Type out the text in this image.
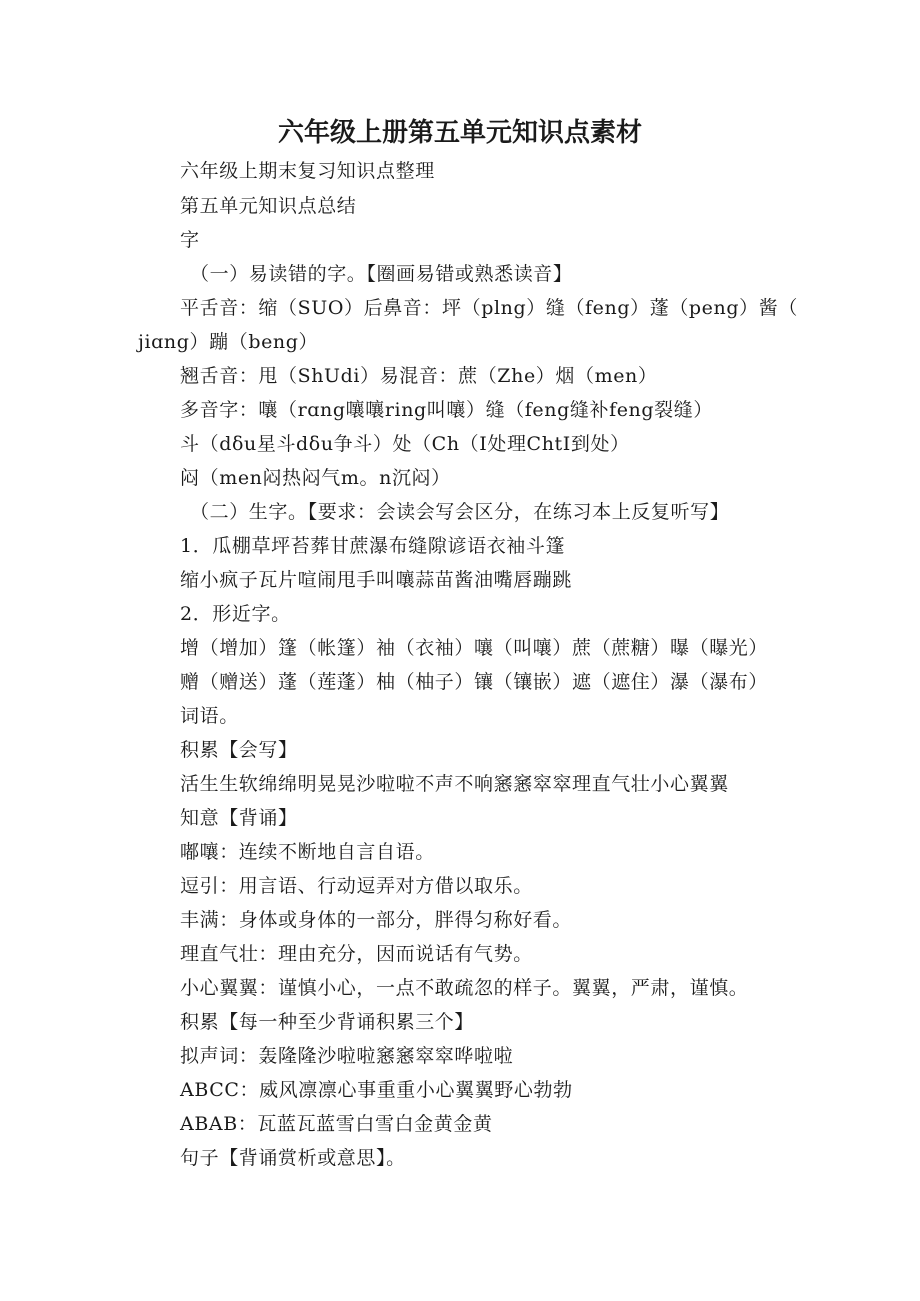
六年级上册第五单元知识点素材

六年级上期末复习知识点整理

第五单元知识点总结

字

（一）易读错的字。【圈画易错或熟悉读音】

平舌音：缩（SUO）后鼻音：坪（plng）缝（feng）蓬（peng）酱（

jiɑng）蹦（beng）

翘舌音：甩（ShUdi）易混音：蔗（Zhe）烟（men）

多音字：嚷（rɑng嚷嚷ring叫嚷）缝（feng缝补feng裂缝）

斗（dδu星斗dδu争斗）处（Ch（I处理ChtI到处）

闷（men闷热闷气m。n沉闷）

（二）生字。【要求：会读会写会区分，在练习本上反复听写】

1．瓜棚草坪苔葬甘蔗瀑布缝隙谚语衣袖斗篷

缩小疯子瓦片喧闹甩手叫嚷蒜苗酱油嘴唇蹦跳

2．形近字。

增（增加）篷（帐篷）袖（衣袖）嚷（叫嚷）蔗（蔗糖）曝（曝光）

赠（赠送）蓬（莲蓬）柚（柚子）镶（镶嵌）遮（遮住）瀑（瀑布）

词语。

积累【会写】

活生生软绵绵明晃晃沙啦啦不声不响窸窸窣窣理直气壮小心翼翼

知意【背诵】

嘟嚷：连续不断地自言自语。

逗引：用言语、行动逗弄对方借以取乐。

丰满：身体或身体的一部分，胖得匀称好看。

理直气壮：理由充分，因而说话有气势。

小心翼翼：谨慎小心，一点不敢疏忽的样子。翼翼，严肃，谨慎。

积累【每一种至少背诵积累三个】

拟声词：轰隆隆沙啦啦窸窸窣窣哗啦啦

ABCC：威风凛凛心事重重小心翼翼野心勃勃

ABAB：瓦蓝瓦蓝雪白雪白金黄金黄

句子【背诵赏析或意思】。
